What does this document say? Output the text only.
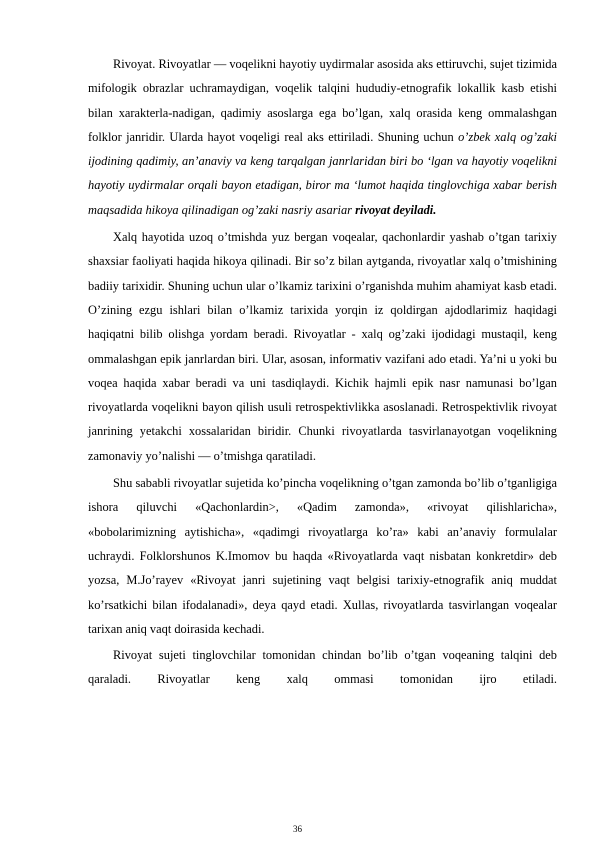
Rivoyat. Rivoyatlar — voqelikni hayotiy uydirmalar asosida aks ettiruvchi, sujet tizimida mifologik obrazlar uchramaydigan, voqelik talqini hududiy-etnografik lokallik kasb etishi bilan xarakterla-nadigan, qadimiy asoslarga ega bo’lgan, xalq orasida keng ommalashgan folklor janridir. Ularda hayot voqeligi real aks ettiriladi. Shuning uchun o’zbek xalq og’zaki ijodining qadimiy, an’anaviy va keng tarqalgan janrlaridan biri bo ‘lgan va hayotiy voqelikni hayotiy uydirmalar orqali bayon etadigan, biror ma ‘lumot haqida tinglovchiga xabar berish maqsadida hikoya qilinadigan og’zaki nasriy asariar rivoyat deyiladi.

Xalq hayotida uzoq o’tmishda yuz bergan voqealar, qachonlardir yashab o’tgan tarixiy shaxsiar faoliyati haqida hikoya qilinadi. Bir so’z bilan aytganda, rivoyatlar xalq o’tmishining badiiy tarixidir. Shuning uchun ular o’lkamiz tarixini o’rganishda muhim ahamiyat kasb etadi. O’zining ezgu ishlari bilan o’lkamiz tarixida yorqin iz qoldirgan ajdodlarimiz haqidagi haqiqatni bilib olishga yordam beradi. Rivoyatlar - xalq og’zaki ijodidagi mustaqil, keng ommalashgan epik janrlardan biri. Ular, asosan, informativ vazifani ado etadi. Ya’ni u yoki bu voqea haqida xabar beradi va uni tasdiqlaydi. Kichik hajmli epik nasr namunasi bo’lgan rivoyatlarda voqelikni bayon qilish usuli retrospektivlikka asoslanadi. Retrospektivlik rivoyat janrining yetakchi xossalaridan biridir. Chunki rivoyatlarda tasvirlanayotgan voqelikning zamonaviy yo’nalishi — o’tmishga qaratiladi.

Shu sababli rivoyatlar sujetida ko’pincha voqelikning o’tgan zamonda bo’lib o’tganligiga ishora qiluvchi «Qachonlardin>, «Qadim zamonda», «rivoyat qilishlaricha», «bobolarimizning aytishicha», «qadimgi rivoyatlarga ko’ra» kabi an’anaviy formulalar uchraydi. Folklorshunos K.Imomov bu haqda «Rivoyatlarda vaqt nisbatan konkretdir» deb yozsa, M.Jo’rayev «Rivoyat janri sujetining vaqt belgisi tarixiy-etnografik aniq muddat ko’rsatkichi bilan ifodalanadi», deya qayd etadi. Xullas, rivoyatlarda tasvirlangan voqealar tarixan aniq vaqt doirasida kechadi.

Rivoyat sujeti tinglovchilar tomonidan chindan bo’lib o’tgan voqeaning talqini deb qaraladi. Rivoyatlar keng xalq ommasi tomonidan ijro etiladi.

36
